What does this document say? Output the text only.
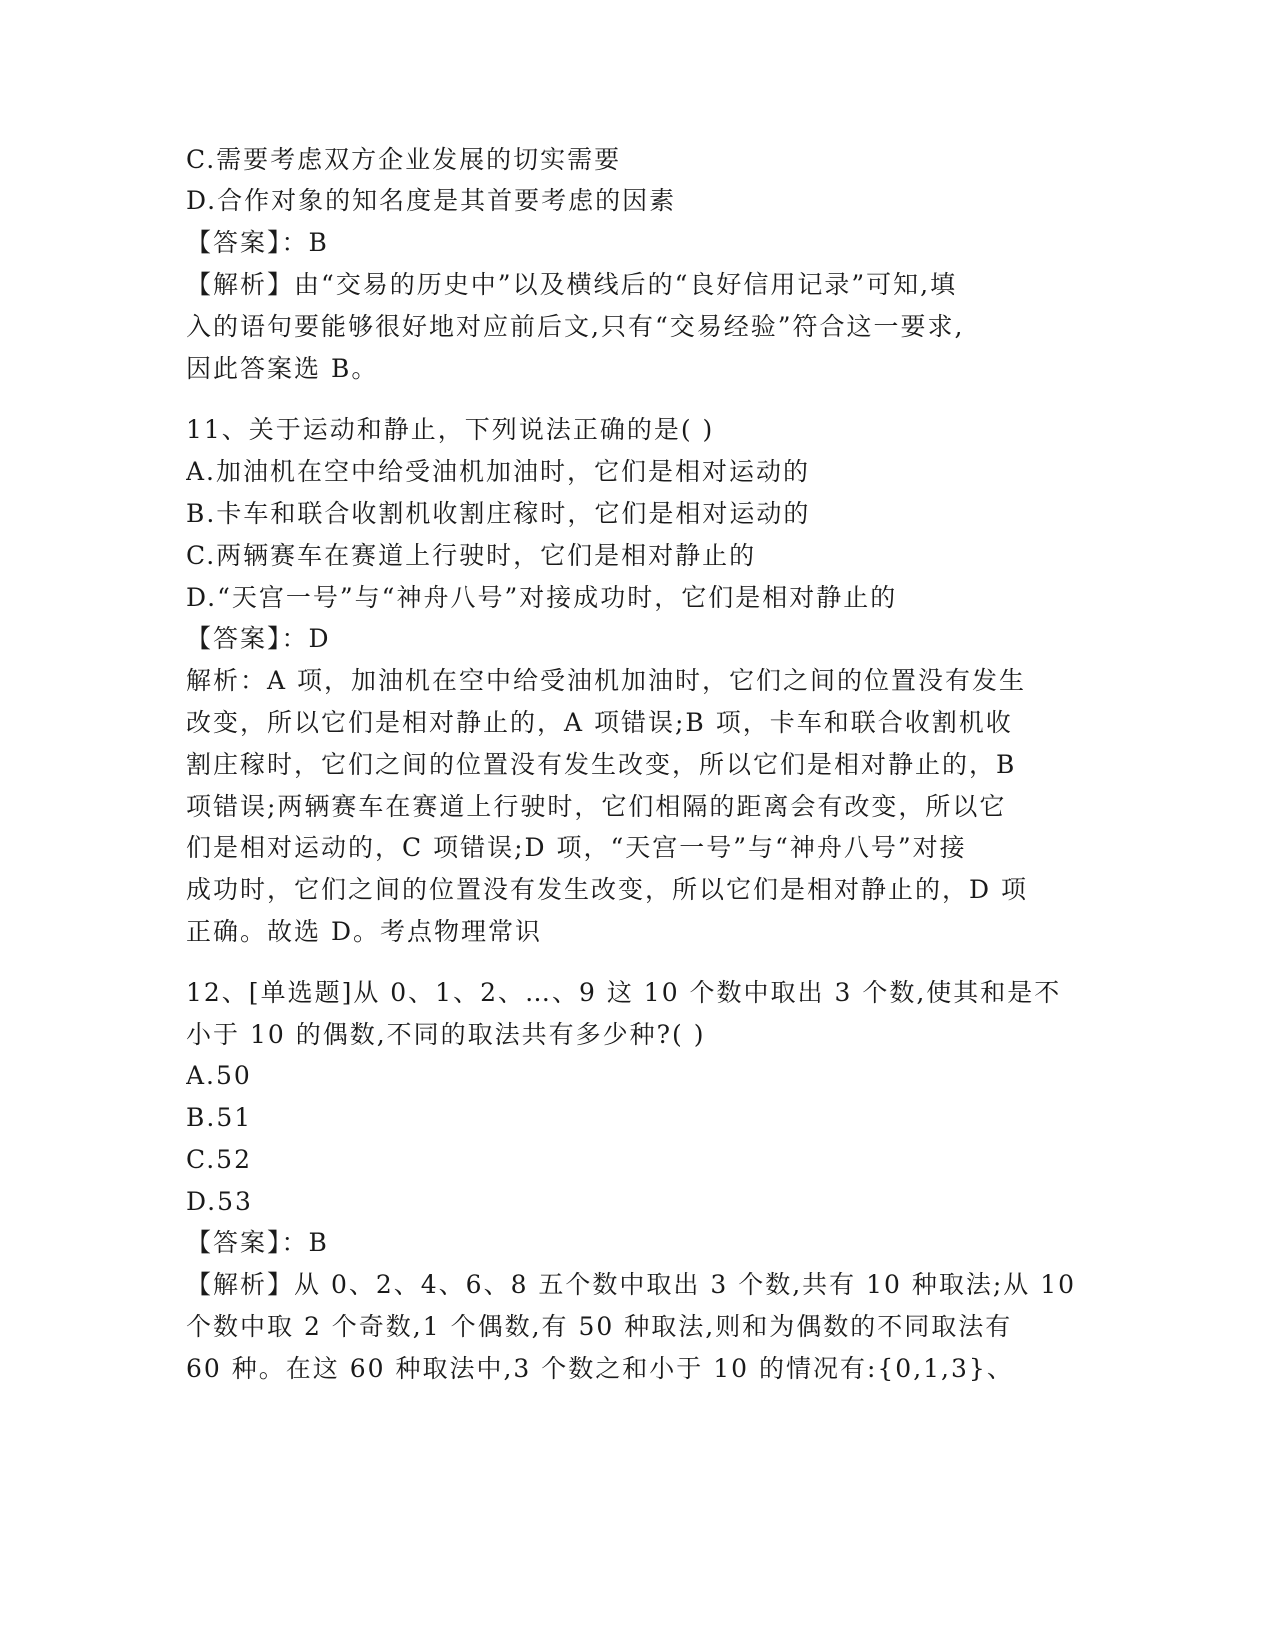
C.需要考虑双方企业发展的切实需要
D.合作对象的知名度是其首要考虑的因素
【答案】：B
【解析】由“交易的历史中”以及横线后的“良好信用记录”可知,填
入的语句要能够很好地对应前后文,只有“交易经验”符合这一要求,
因此答案选 B。
11、关于运动和静止，下列说法正确的是( )
A.加油机在空中给受油机加油时，它们是相对运动的
B.卡车和联合收割机收割庄稼时，它们是相对运动的
C.两辆赛车在赛道上行驶时，它们是相对静止的
D.“天宫一号”与“神舟八号”对接成功时，它们是相对静止的
【答案】：D
解析：A 项，加油机在空中给受油机加油时，它们之间的位置没有发生
改变，所以它们是相对静止的，A 项错误;B 项，卡车和联合收割机收
割庄稼时，它们之间的位置没有发生改变，所以它们是相对静止的，B
项错误;两辆赛车在赛道上行驶时，它们相隔的距离会有改变，所以它
们是相对运动的，C 项错误;D 项，“天宫一号”与“神舟八号”对接
成功时，它们之间的位置没有发生改变，所以它们是相对静止的，D 项
正确。故选 D。考点物理常识
12、[单选题]从 0、1、2、…、9 这 10 个数中取出 3 个数,使其和是不
小于 10 的偶数,不同的取法共有多少种?( )
A.50
B.51
C.52
D.53
【答案】：B
【解析】从 0、2、4、6、8 五个数中取出 3 个数,共有 10 种取法;从 10
个数中取 2 个奇数,1 个偶数,有 50 种取法,则和为偶数的不同取法有
60 种。在这 60 种取法中,3 个数之和小于 10 的情况有:{0,1,3}、
